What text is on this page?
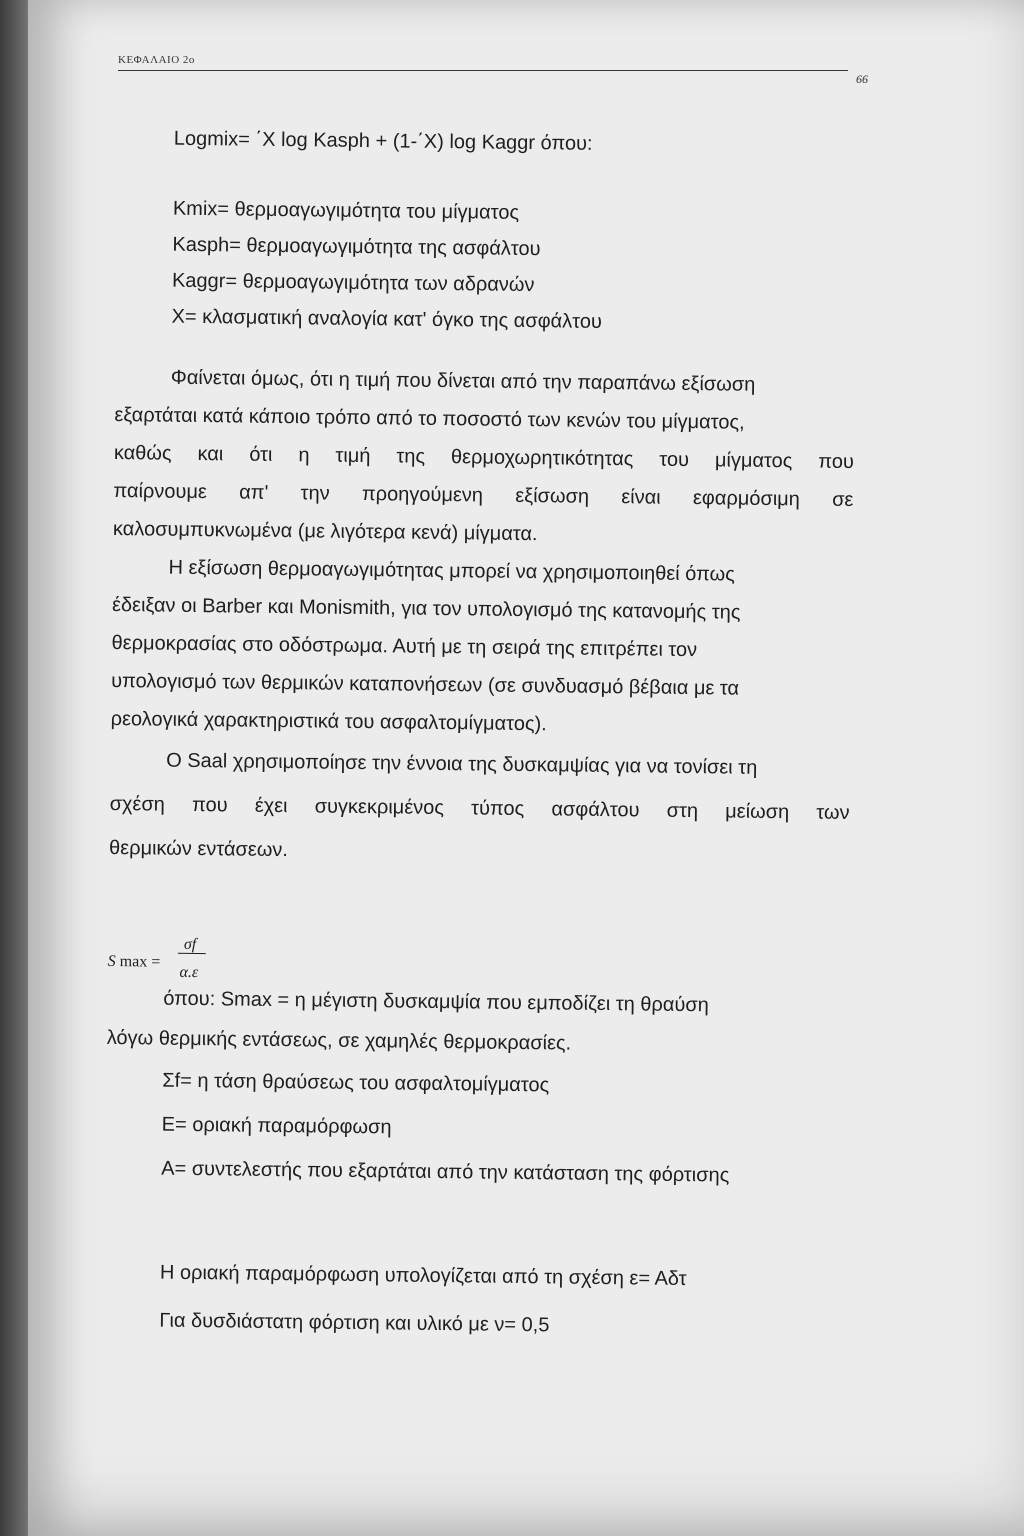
ΚΕΦΑΛΑΙΟ 2ο
66

Logmix= ΄X log Kasph + (1-΄X) log Kaggr όπου:

Kmix= θερμοαγωγιμότητα του μίγματος

Kasph= θερμοαγωγιμότητα της ασφάλτου

Kaggr= θερμοαγωγιμότητα των αδρανών

X= κλασματική αναλογία κατ' όγκο της ασφάλτου

Φαίνεται όμως, ότι η τιμή που δίνεται από την παραπάνω εξίσωση

εξαρτάται κατά κάποιο τρόπο από το ποσοστό των κενών του μίγματος,

καθώς και ότι η τιμή της θερμοχωρητικότητας του μίγματος που

παίρνουμε απ' την προηγούμενη εξίσωση είναι εφαρμόσιμη σε

καλοσυμπυκνωμένα (με λιγότερα κενά) μίγματα.

Η εξίσωση θερμοαγωγιμότητας μπορεί να χρησιμοποιηθεί όπως

έδειξαν οι Barber και Monismith, για τον υπολογισμό της κατανομής της

θερμοκρασίας στο οδόστρωμα. Αυτή με τη σειρά της επιτρέπει τον

υπολογισμό των θερμικών καταπονήσεων (σε συνδυασμό βέβαια με τα

ρεολογικά χαρακτηριστικά του ασφαλτομίγματος).

O Saal χρησιμοποίησε την έννοια της δυσκαμψίας για να τονίσει τη

σχέση που έχει συγκεκριμένος τύπος ασφάλτου στη μείωση των

θερμικών εντάσεων.

S max =
σf
α.ε

όπου: Smax = η μέγιστη δυσκαμψία που εμποδίζει τη θραύση

λόγω θερμικής εντάσεως, σε χαμηλές θερμοκρασίες.

Σf= η τάση θραύσεως του ασφαλτομίγματος

Ε= οριακή παραμόρφωση

Α= συντελεστής που εξαρτάται από την κατάσταση της φόρτισης

Η οριακή παραμόρφωση υπολογίζεται από τη σχέση ε= Αδτ

Για δυσδιάστατη φόρτιση και υλικό με ν= 0,5
